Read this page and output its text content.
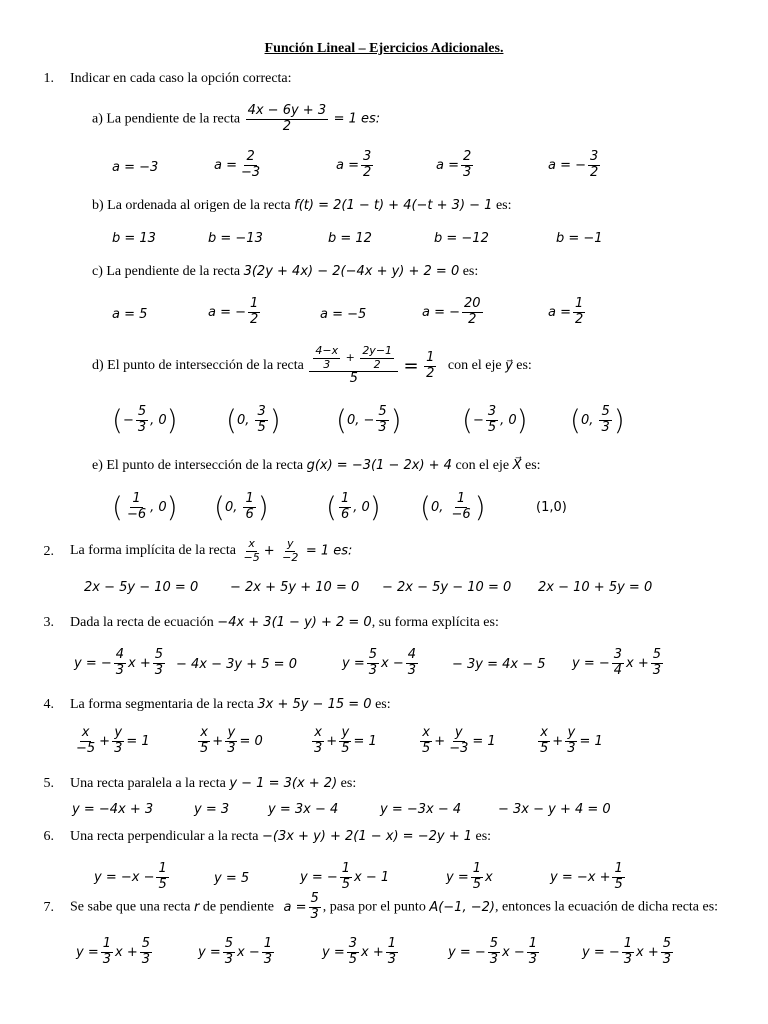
Función Lineal – Ejercicios Adicionales.
1. Indicar en cada caso la opción correcta:
a) La pendiente de la recta $\frac{4x - 6y + 3}{2} = 1$ es:
a = −3	$a = \frac{2}{-3}$	$a = \frac{3}{2}$	$a = \frac{2}{3}$	a = − $\frac{3}{2}$
b) La ordenada al origen de la recta f(t) = 2(1 − t) + 4(−t + 3) − 1 es:
b = 13	b = −13	b = 12	b = −12	b = −1
c) La pendiente de la recta 3(2y + 4x) − 2(−4x + y) + 2 = 0 es:
a = 5	a = − $\frac{1}{2}$	a = −5	a = − $\frac{20}{2}$	$a = \frac{1}{2}$
d) El punto de intersección de la recta $\frac{\frac{4-x}{3} + \frac{2y-1}{2}}{5} = \frac{1}{2}$ con el eje y⃗ es:
(− $\frac{5}{3}$ , 0) (0, $\frac{3}{5}$ ) (0, − $\frac{5}{3}$ ) (− $\frac{3}{5}$ , 0) (0, $\frac{5}{3}$ )
e) El punto de intersección de la recta g(x) = −3(1 − 2x) + 4 con el eje X⃗ es:
( $\frac{1}{-6}$ , 0) (0, $\frac{1}{6}$ ) ( $\frac{1}{6}$ , 0) (0, $\frac{1}{-6}$ )	(1,0)
2. La forma implícita de la recta $\frac{x}{-5} + \frac{y}{-2} = 1$ es:
2x − 5y − 10 = 0 − 2x + 5y + 10 = 0 − 2x − 5y − 10 = 0 2x − 10 + 5y = 0
3. Dada la recta de ecuación −4x + 3(1 − y) + 2 = 0, su forma explícita es:
y = − $\frac{4}{3}$ $x + \frac{5}{3} - 4x - 3y + 5 = 0$	$y = \frac{5}{3}$ $x - \frac{4}{3}$	− 3y = 4x − 5 y = − $\frac{3}{4}$ $x + \frac{5}{3}$
4. La forma segmentaria de la recta 3x + 5y − 15 = 0 es:
$\frac{x}{-5} + \frac{y}{3} = 1$	$\frac{x}{5} + \frac{y}{3} = 0$	$\frac{x}{3} + \frac{y}{5} = 1$	$\frac{x}{5} + \frac{y}{-3} = 1$	$\frac{x}{5} + \frac{y}{3} = 1$
5. Una recta paralela a la recta y − 1 = 3(x + 2) es:
y = −4x + 3	y = 3	y = 3x − 4	y = −3x − 4	− 3x − y + 4 = 0
6. Una recta perpendicular a la recta −(3x + y) + 2(1 − x) = −2y + 1 es:
$y = -x - \frac{1}{5}$	y = 5	y = − $\frac{1}{5}$ x − 1	$y = \frac{1}{5}$ x	$y = -x + \frac{1}{5}$
7. Se sabe que una recta r de pendiente $a = \frac{5}{3}$ , pasa por el punto A(−1, −2), entonces la ecuación de dicha recta es:
$y = \frac{1}{3}$ $x + \frac{5}{3}$	$y = \frac{5}{3}$ $x - \frac{1}{3}$	$y = \frac{3}{5}$ $x + \frac{1}{3}$	y = − $\frac{5}{3}$ $x - \frac{1}{3}$	y = − $\frac{1}{3}$ $x + \frac{5}{3}$
